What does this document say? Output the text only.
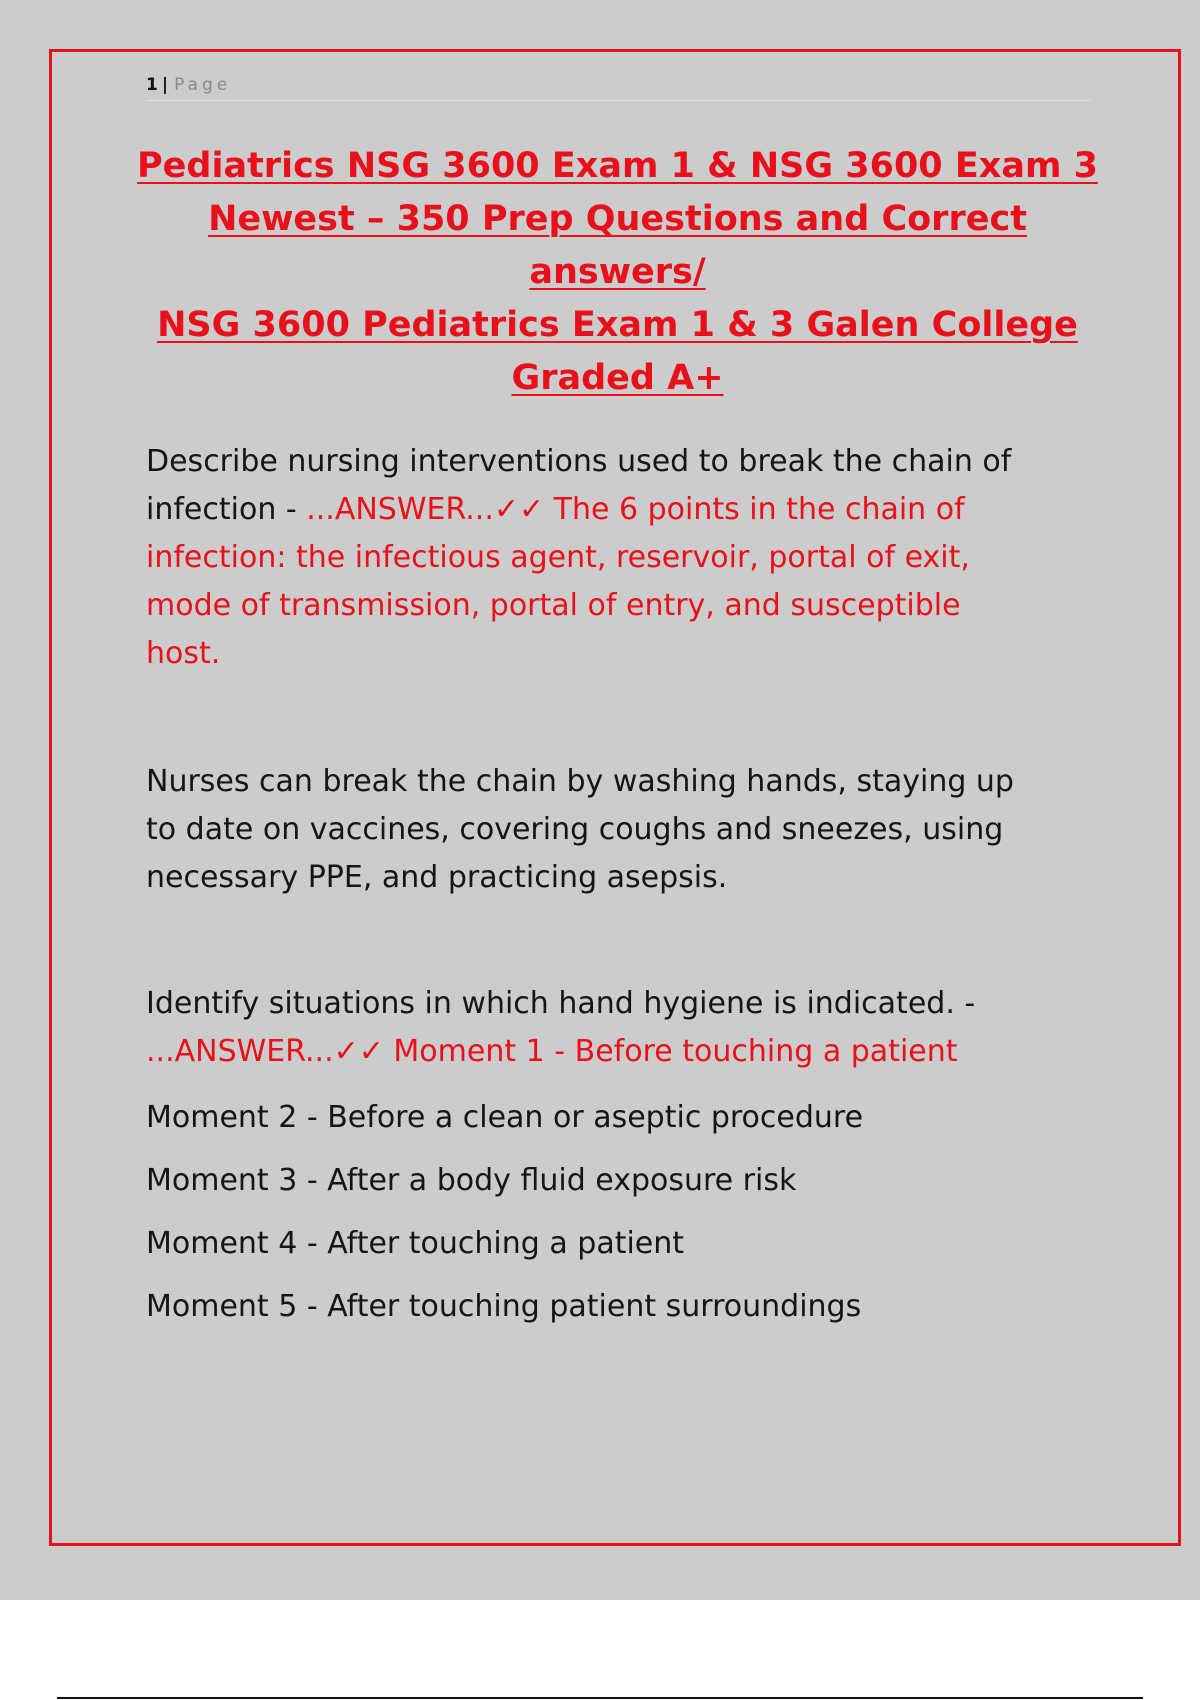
1 | Page
Pediatrics NSG 3600 Exam 1 & NSG 3600 Exam 3
Newest – 350 Prep Questions and Correct answers/
NSG 3600 Pediatrics Exam 1 & 3 Galen College
Graded A+
Describe nursing interventions used to break the chain of
infection - ...ANSWER...✓✓ The 6 points in the chain of
infection: the infectious agent, reservoir, portal of exit,
mode of transmission, portal of entry, and susceptible
host.
Nurses can break the chain by washing hands, staying up
to date on vaccines, covering coughs and sneezes, using
necessary PPE, and practicing asepsis.
Identify situations in which hand hygiene is indicated. -
...ANSWER...✓✓ Moment 1 - Before touching a patient
Moment 2 - Before a clean or aseptic procedure
Moment 3 - After a body fluid exposure risk
Moment 4 - After touching a patient
Moment 5 - After touching patient surroundings
